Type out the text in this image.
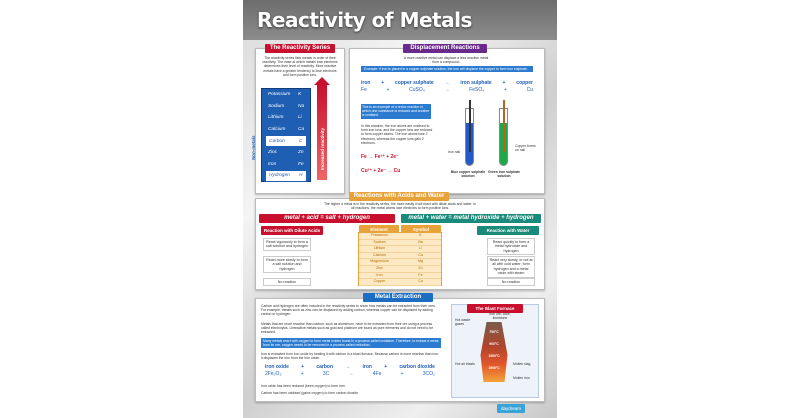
Reactivity of Metals
The Reactivity Series
The reactivity series lists metals in order of their reactivity. The ease at which metals lose electrons determines their level of reactivity. More reactive metals have a greater tendency to lose electrons and form positive ions.
Potassium	K
Sodium	Na
Lithium	Li
Calcium	Ca
Carbon	C
Zinc	Zn
Iron	Fe
Hydrogen	H
Copper	Cu
Increased reactivity
Non-metals
Displacement Reactions
A more reactive metal can displace a less reactive metal from a compound.
Example: if iron is placed in a copper sulphate solution, the iron will displace the copper to form iron sulphate.
iron + copper sulphate → iron sulphate + copper
Fe	+	CuSO₄	→	FeSO₄	+	Cu
This is an example of a redox reaction in which one substance is reduced and another is oxidised.
In this reaction, the iron atoms are oxidised to form iron ions, and the copper ions are reduced to form copper atoms. The iron atoms lose 2 electrons, whereas the copper ions gain 2 electrons.
Fe → Fe²⁺ + 2e⁻
Cu²⁺ + 2e⁻ → Cu
Iron nail
Copper forms on nail
Blue copper sulphate solution
Green iron sulphate solution
Reactions with Acids and Water
The higher a metal is in the reactivity series, the more easily it will react with dilute acids and water. In all reactions, the metal atoms lose electrons to form positive ions.
metal + acid = salt + hydrogen	metal + water = metal hydroxide + hydrogen
Reaction with Dilute Acids	Reaction with Water
Element	Symbol
Potassium	K
Sodium	Na
Lithium	Li
Calcium	Ca
Magnesium	Mg
Zinc	Zn
Iron	Fe
Copper	Cu
Metal Extraction
Carbon and hydrogen are often included in the reactivity series to show how metals can be extracted from their ores. For example, metals such as zinc can be displaced by adding carbon, whereas copper can be displaced by adding carbon or hydrogen.
Metals that are more reactive than carbon, such as aluminium, have to be extracted from their ore using a process called electrolysis. Unreactive metals such as gold and platinum are found as pure elements and do not need to be extracted.
Many metals react with oxygen to form metal oxides found in a process called oxidation. Therefore, to extract a metal from its ore, oxygen needs to be removed in a process called reduction.
Iron is extracted from iron oxide by heating it with carbon in a blast furnace. Because carbon is more reactive than iron, it displaces the iron from the iron oxide.
iron oxide + carbon → iron + carbon dioxide
2Fe₂O₃	+	3C	→	4Fe	+	3CO₂
Iron oxide has been reduced (been oxygen) to form iron.
Carbon has been oxidised (gains oxygen) to form carbon dioxide.
The Blast Furnace
Iron ore, coke, limestone
Hot waste gases
Hot air blasts	Molten slag
Molten iron
daydream
React vigorously to form a salt solution and hydrogen
React more slowly to form a salt solution and hydrogen
No reaction
React quickly to form a metal hydroxide and hydrogen
React very slowly, or not at all with cold water; form hydrogen and a metal oxide with steam
No reaction
750°C
900°C
1500°C
1900°C
